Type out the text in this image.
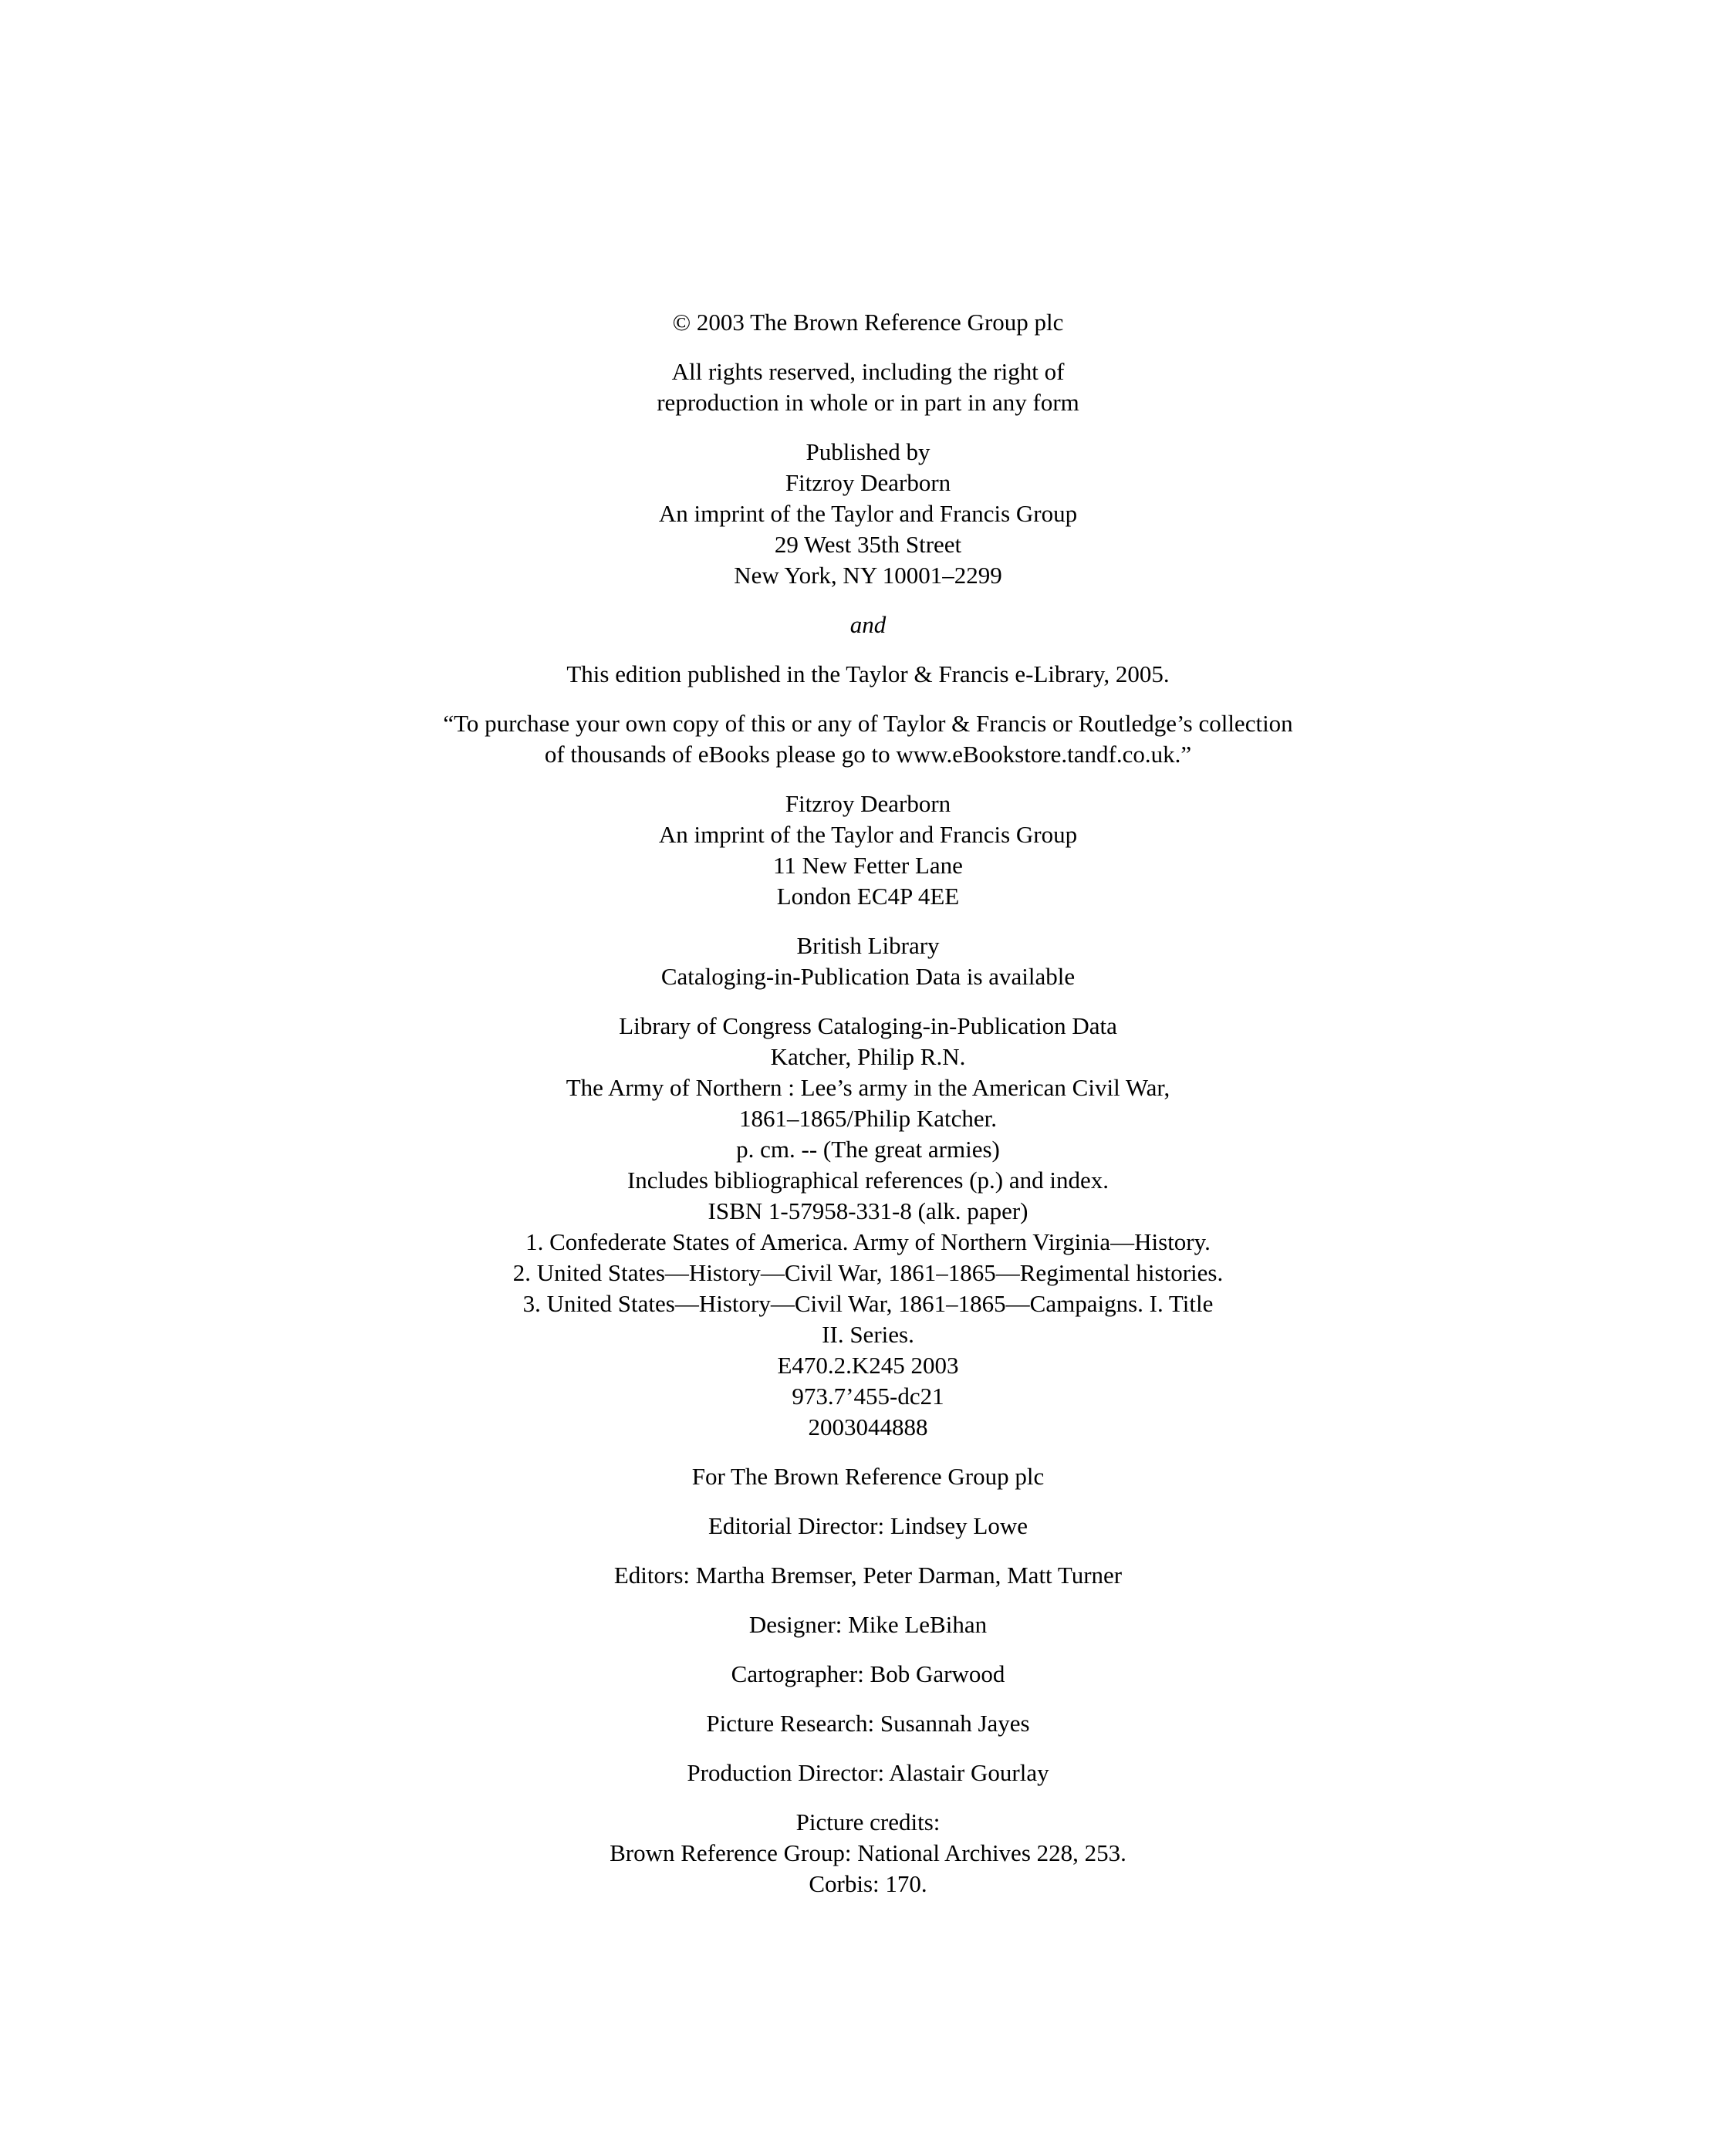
© 2003 The Brown Reference Group plc
All rights reserved, including the right of
reproduction in whole or in part in any form
Published by
Fitzroy Dearborn
An imprint of the Taylor and Francis Group
29 West 35th Street
New York, NY 10001–2299
and
This edition published in the Taylor & Francis e-Library, 2005.
“To purchase your own copy of this or any of Taylor & Francis or Routledge’s collection
of thousands of eBooks please go to www.eBookstore.tandf.co.uk.”
Fitzroy Dearborn
An imprint of the Taylor and Francis Group
11 New Fetter Lane
London EC4P 4EE
British Library
Cataloging-in-Publication Data is available
Library of Congress Cataloging-in-Publication Data
Katcher, Philip R.N.
The Army of Northern : Lee’s army in the American Civil War,
1861–1865/Philip Katcher.
p. cm. -- (The great armies)
Includes bibliographical references (p.) and index.
ISBN 1-57958-331-8 (alk. paper)
1. Confederate States of America. Army of Northern Virginia—History.
2. United States—History—Civil War, 1861–1865—Regimental histories.
3. United States—History—Civil War, 1861–1865—Campaigns. I. Title
II. Series.
E470.2.K245 2003
973.7’455-dc21
2003044888
For The Brown Reference Group plc
Editorial Director: Lindsey Lowe
Editors: Martha Bremser, Peter Darman, Matt Turner
Designer: Mike LeBihan
Cartographer: Bob Garwood
Picture Research: Susannah Jayes
Production Director: Alastair Gourlay
Picture credits:
Brown Reference Group: National Archives 228, 253.
Corbis: 170.
